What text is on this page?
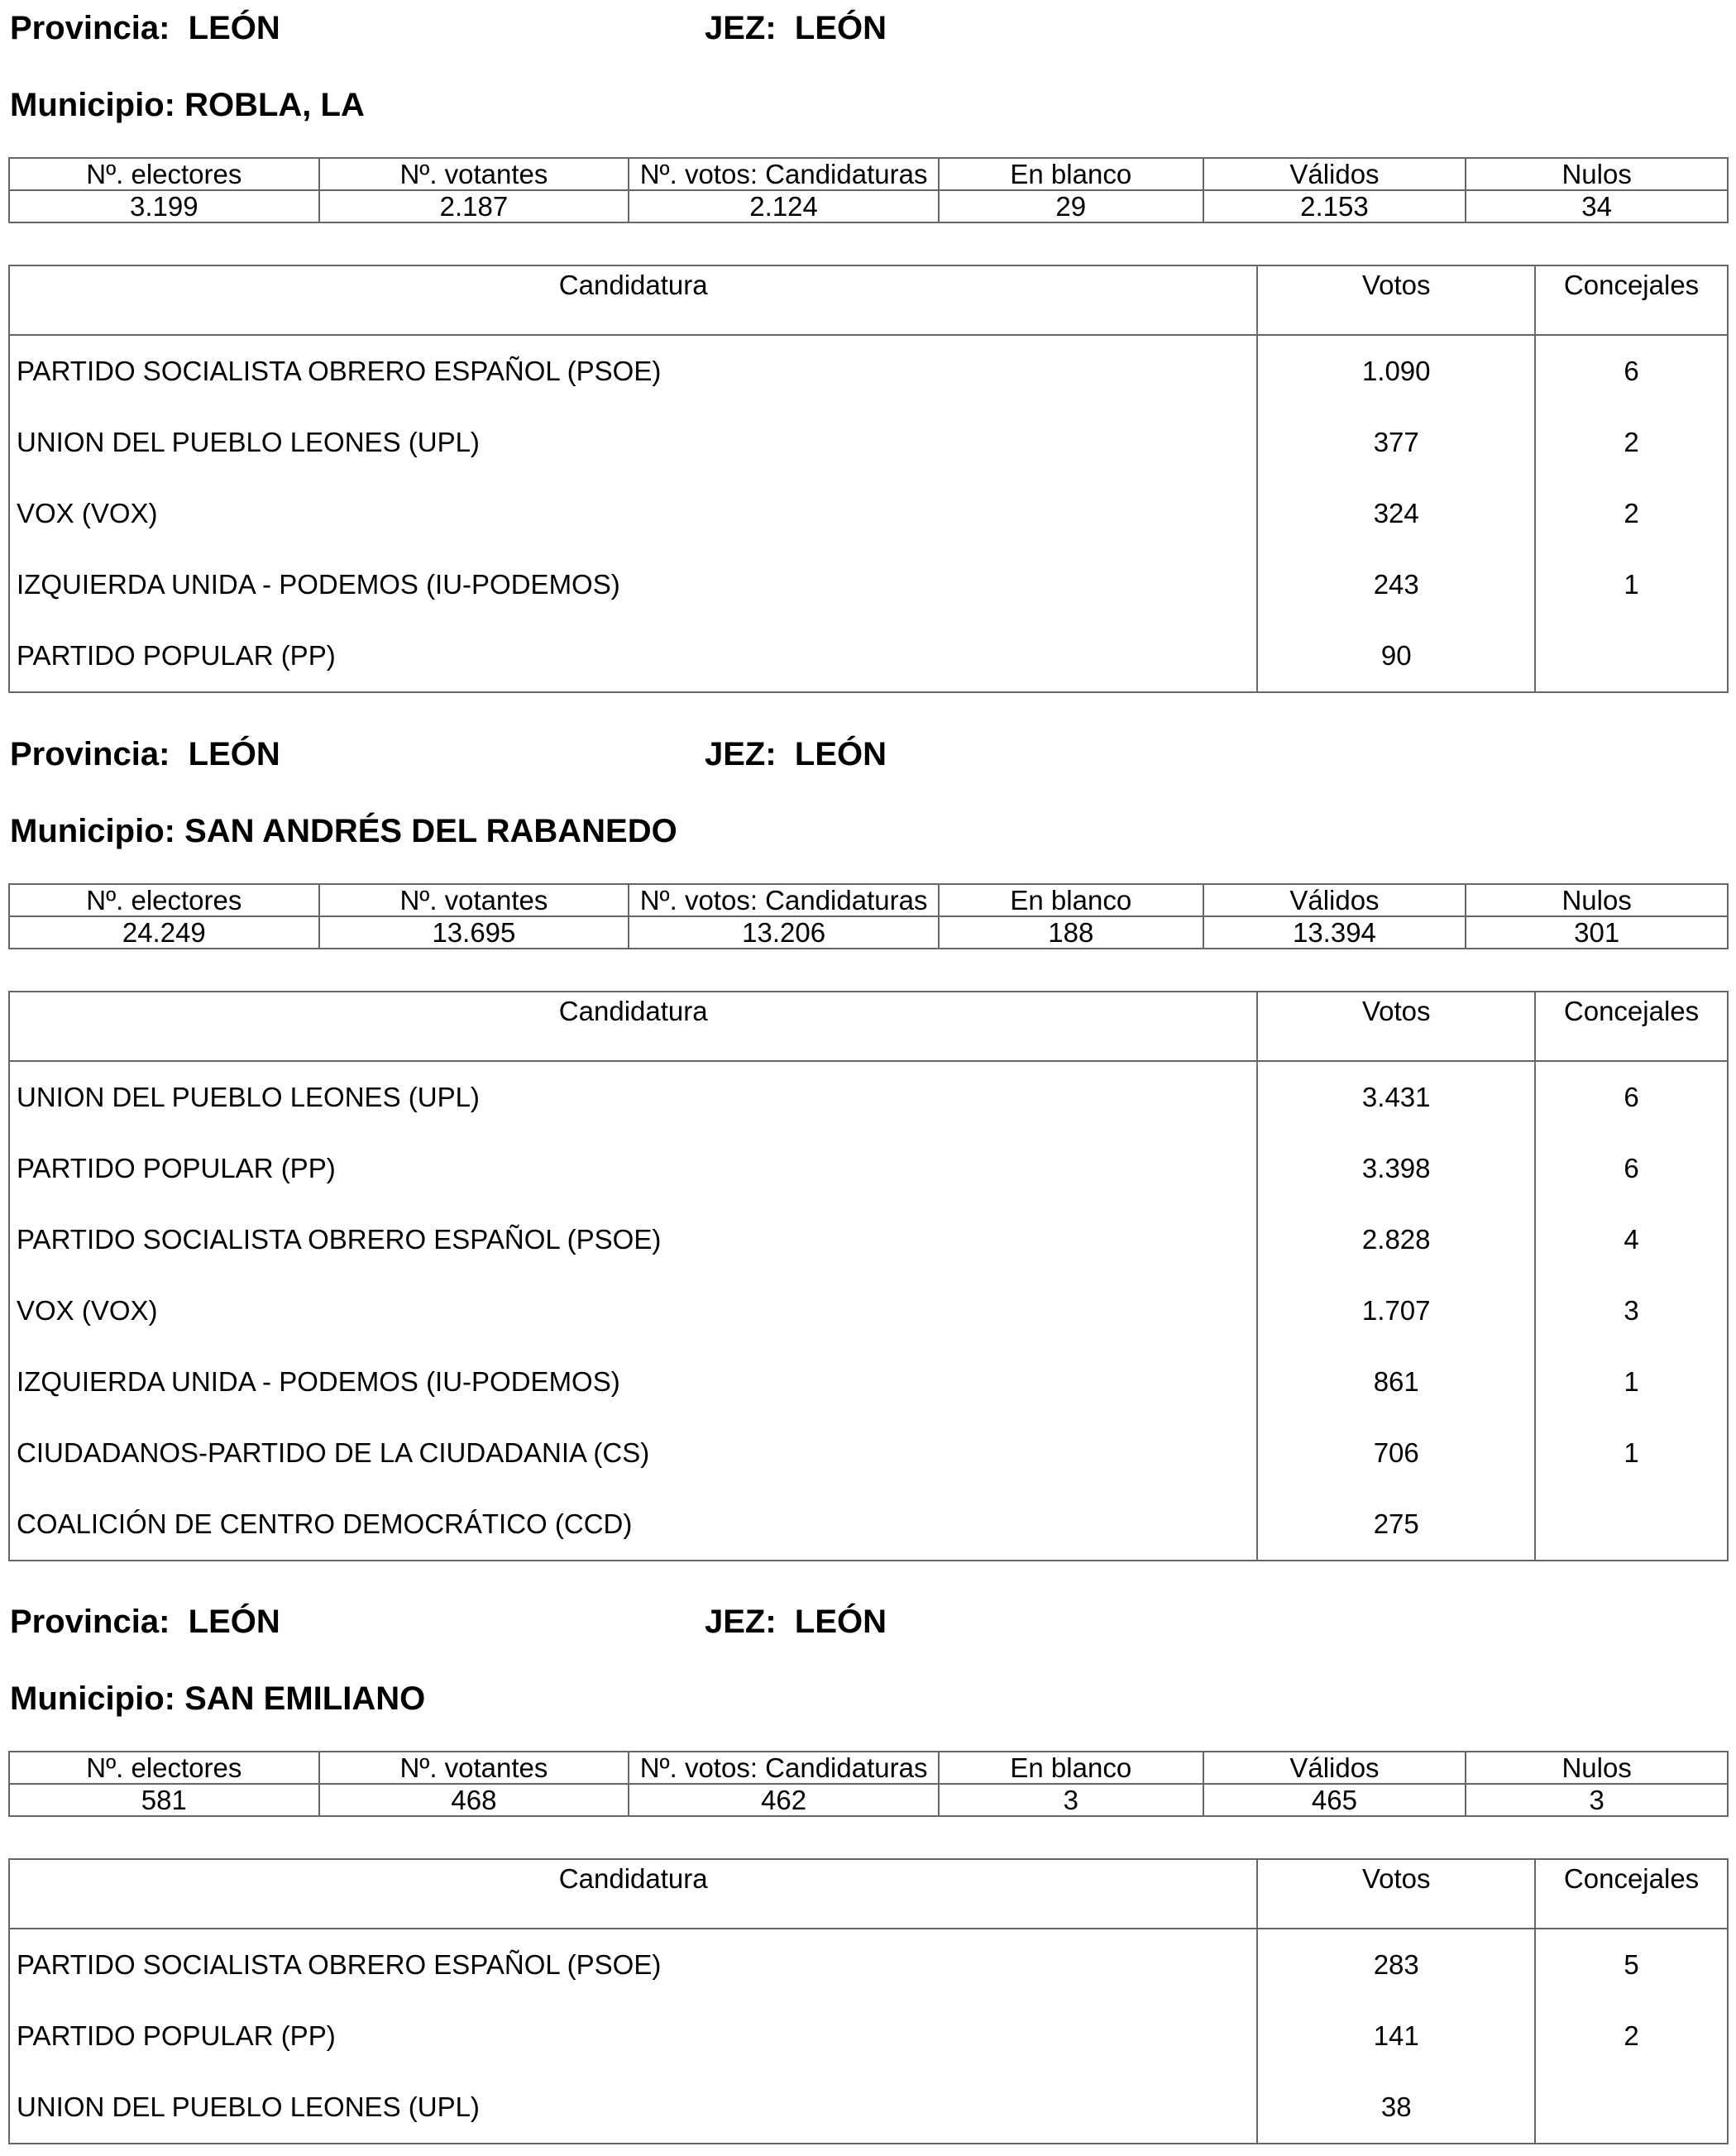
Provincia: LEÓN	JEZ: LEÓN
Municipio: ROBLA, LA
Nº. electores	Nº. votantes	Nº. votos: Candidaturas	En blanco	Válidos	Nulos
3.199	2.187	2.124	29	2.153	34
Candidatura	Votos	Concejales
PARTIDO SOCIALISTA OBRERO ESPAÑOL (PSOE)	1.090	6
UNION DEL PUEBLO LEONES (UPL)	377	2
VOX (VOX)	324	2
IZQUIERDA UNIDA - PODEMOS (IU-PODEMOS)	243	1
PARTIDO POPULAR (PP)	90	
Provincia: LEÓN	JEZ: LEÓN
Municipio: SAN ANDRÉS DEL RABANEDO
Nº. electores	Nº. votantes	Nº. votos: Candidaturas	En blanco	Válidos	Nulos
24.249	13.695	13.206	188	13.394	301
Candidatura	Votos	Concejales
UNION DEL PUEBLO LEONES (UPL)	3.431	6
PARTIDO POPULAR (PP)	3.398	6
PARTIDO SOCIALISTA OBRERO ESPAÑOL (PSOE)	2.828	4
VOX (VOX)	1.707	3
IZQUIERDA UNIDA - PODEMOS (IU-PODEMOS)	861	1
CIUDADANOS-PARTIDO DE LA CIUDADANIA (CS)	706	1
COALICIÓN DE CENTRO DEMOCRÁTICO (CCD)	275	
Provincia: LEÓN	JEZ: LEÓN
Municipio: SAN EMILIANO
Nº. electores	Nº. votantes	Nº. votos: Candidaturas	En blanco	Válidos	Nulos
581	468	462	3	465	3
Candidatura	Votos	Concejales
PARTIDO SOCIALISTA OBRERO ESPAÑOL (PSOE)	283	5
PARTIDO POPULAR (PP)	141	2
UNION DEL PUEBLO LEONES (UPL)	38	
